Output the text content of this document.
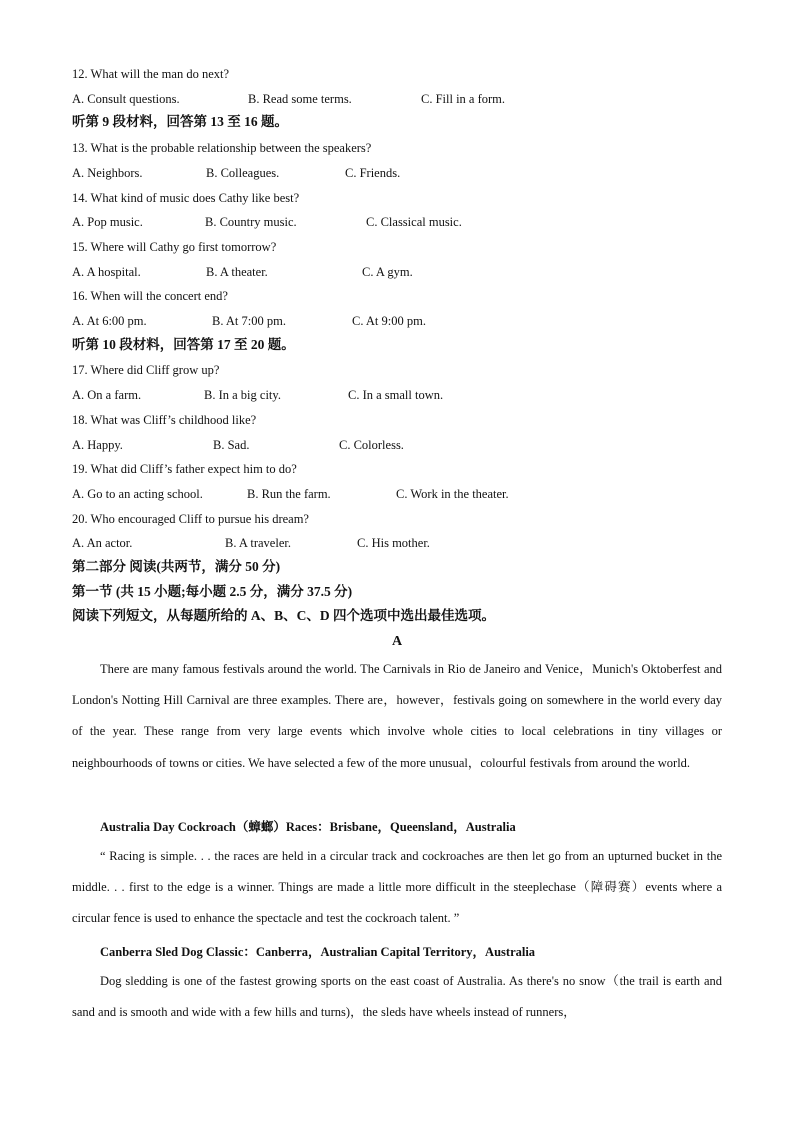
12. What will the man do next?
A. Consult questions.	B. Read some terms.	C. Fill in a form.
听第 9 段材料，回答第 13 至 16 题。
13. What is the probable relationship between the speakers?
A. Neighbors.	B. Colleagues.	C. Friends.
14. What kind of music does Cathy like best?
A. Pop music.	B. Country music.	C. Classical music.
15. Where will Cathy go first tomorrow?
A. A hospital.	B. A theater.	C. A gym.
16. When will the concert end?
A. At 6:00 pm.	B. At 7:00 pm.	C. At 9:00 pm.
听第 10 段材料，回答第 17 至 20 题。
17. Where did Cliff grow up?
A. On a farm.	B. In a big city.	C. In a small town.
18. What was Cliff’s childhood like?
A. Happy.	B. Sad.	C. Colorless.
19. What did Cliff’s father expect him to do?
A. Go to an acting school.	B. Run the farm.	C. Work in the theater.
20. Who encouraged Cliff to pursue his dream?
A. An actor.	B. A traveler.	C. His mother.
第二部分 阅读(共两节，满分 50 分)
第一节 (共 15 小题;每小题 2.5 分，满分 37.5 分)
阅读下列短文，从每题所给的 A、B、C、D 四个选项中选出最佳选项。
A

There are many famous festivals around the world. The Carnivals in Rio de Janeiro and Venice，Munich's Oktoberfest and London's Notting Hill Carnival are three examples. There are，however，festivals going on somewhere in the world every day of the year. These range from very large events which involve whole cities to local celebrations in tiny villages or neighbourhoods of towns or cities. We have selected a few of the more unusual，colourful festivals from around the world.

Australia Day Cockroach（蟑螂）Races：Brisbane，Queensland，Australia

“ Racing is simple. . . the races are held in a circular track and cockroaches are then let go from an upturned bucket in the middle. . . first to the edge is a winner. Things are made a little more difficult in the steeplechase（障碍赛）events where a circular fence is used to enhance the spectacle and test the cockroach talent. ”

Canberra Sled Dog Classic：Canberra，Australian Capital Territory，Australia

Dog sledding is one of the fastest growing sports on the east coast of Australia. As there's no snow（the trail is earth and sand and is smooth and wide with a few hills and turns)，the sleds have wheels instead of runners，
